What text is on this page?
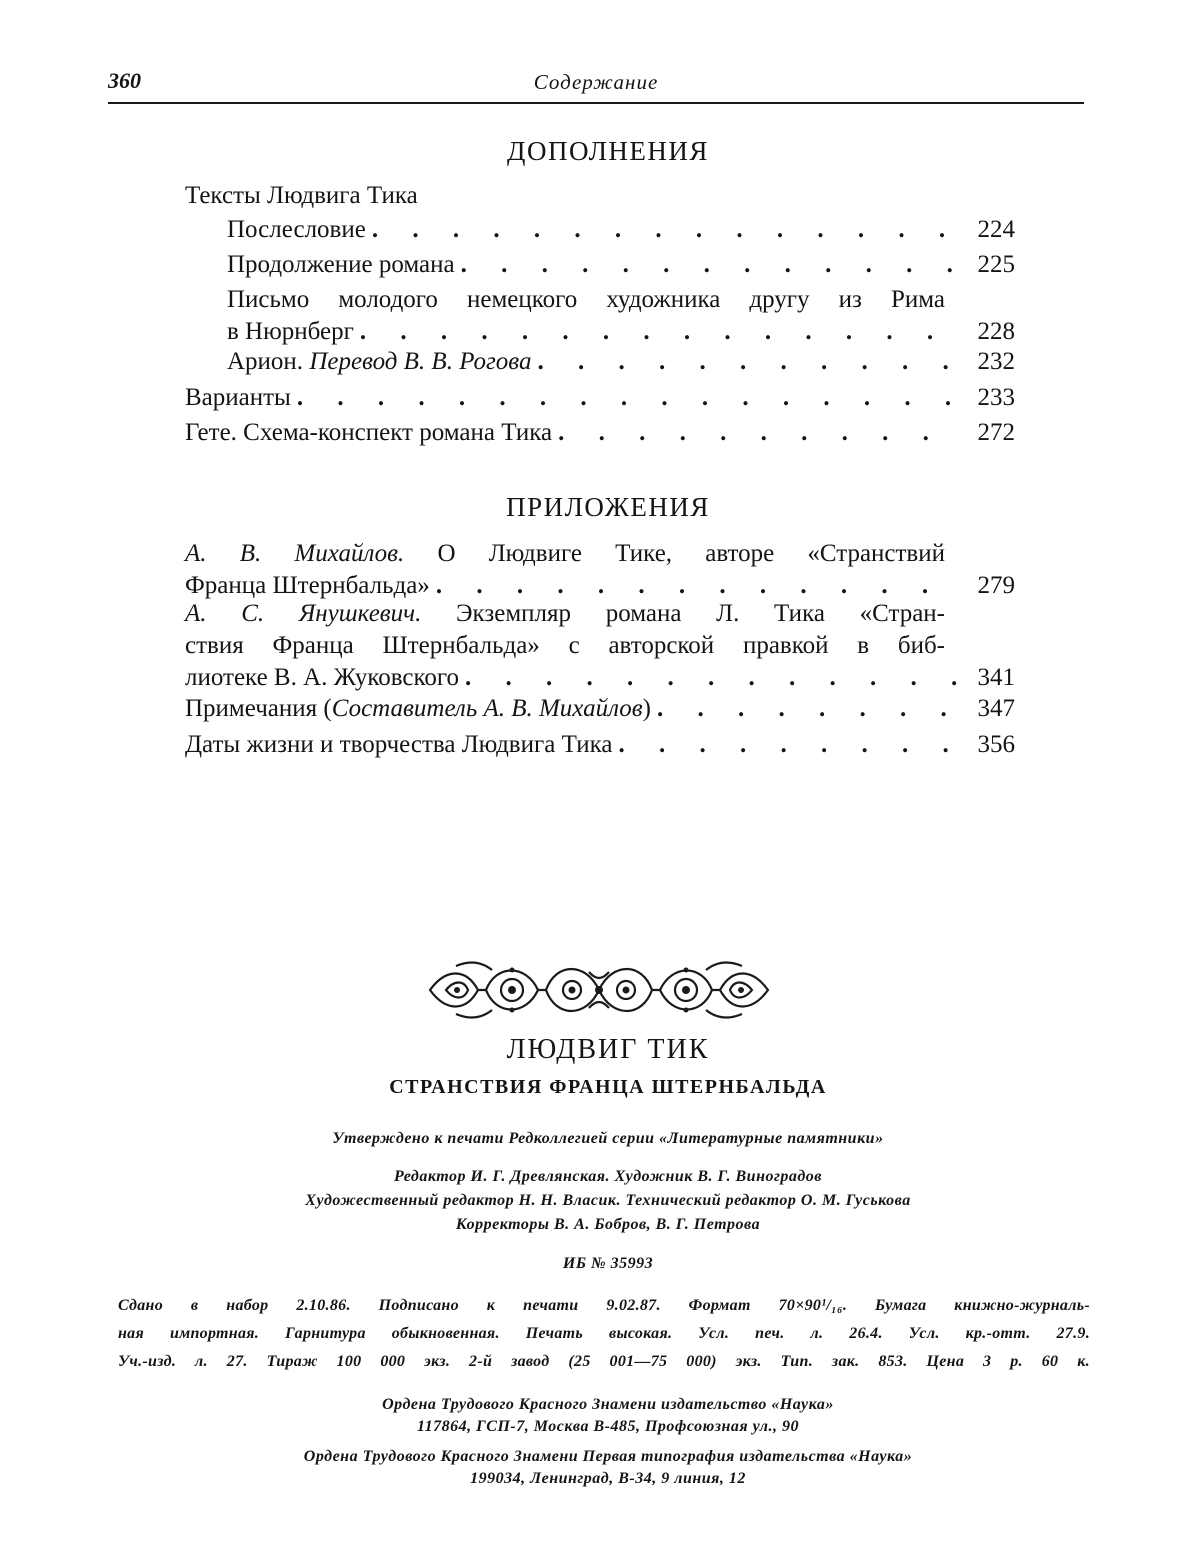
360	Содержание
ДОПОЛНЕНИЯ
Тексты Людвига Тика
Послесловие . . .	224
Продолжение романа . . .	225
Письмо молодого немецкого художника другу из Рима
в Нюрнберг . . .	228
Арион. Перевод В. В. Рогова . . .	232
Варианты . . .	233
Гете. Схема-конспект романа Тика . . .	272
ПРИЛОЖЕНИЯ
А. В. Михайлов. О Людвиге Тике, авторе «Странствий
Франца Штернбальда» . . .	279
А. С. Янушкевич. Экземпляр романа Л. Тика «Стран-
ствия Франца Штернбальда» с авторской правкой в биб-
лиотеке В. А. Жуковского . . .	341
Примечания (Составитель А. В. Михайлов) . . .	347
Даты жизни и творчества Людвига Тика . . .	356
ЛЮДВИГ ТИК
СТРАНСТВИЯ ФРАНЦА ШТЕРНБАЛЬДА
Утверждено к печати Редколлегией серии «Литературные памятники»
Редактор И. Г. Древлянская. Художник В. Г. Виноградов
Художественный редактор Н. Н. Власик. Технический редактор О. М. Гуськова
Корректоры В. А. Бобров, В. Г. Петрова
ИБ № 35993
Сдано в набор 2.10.86. Подписано к печати 9.02.87. Формат 70×90¹/₁₆. Бумага книжно-журналь-
ная импортная. Гарнитура обыкновенная. Печать высокая. Усл. печ. л. 26.4. Усл. кр.-отт. 27.9.
Уч.-изд. л. 27. Тираж 100 000 экз. 2-й завод (25 001—75 000) экз. Тип. зак. 853. Цена 3 р. 60 к.
Ордена Трудового Красного Знамени издательство «Наука»
117864, ГСП-7, Москва В-485, Профсоюзная ул., 90
Ордена Трудового Красного Знамени Первая типография издательства «Наука»
199034, Ленинград, В-34, 9 линия, 12
